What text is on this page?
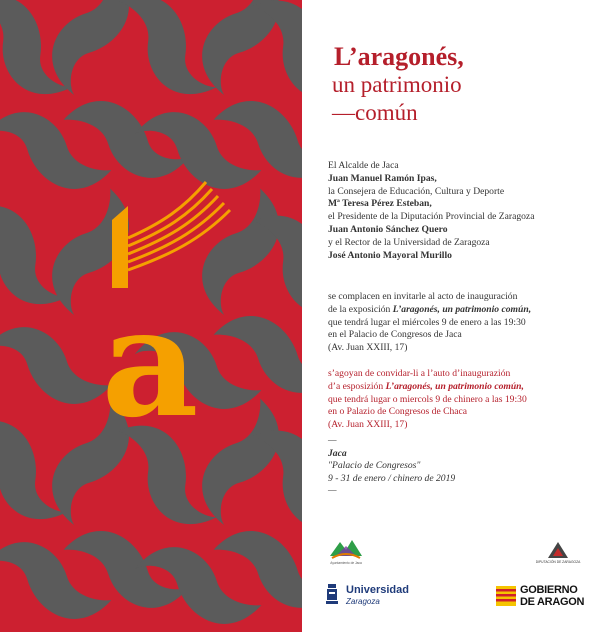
a
L’aragonés,
un patrimonio
—común
El Alcalde de Jaca
Juan Manuel Ramón Ipas,
la Consejera de Educación, Cultura y Deporte
Mª Teresa Pérez Esteban,
el Presidente de la Diputación Provincial de Zaragoza
Juan Antonio Sánchez Quero
y el Rector de la Universidad de Zaragoza
José Antonio Mayoral Murillo
se complacen en invitarle al acto de inauguración
de la exposición L’aragonés, un patrimonio común,
que tendrá lugar el miércoles 9 de enero a las 19:30
en el Palacio de Congresos de Jaca
(Av. Juan XXIII, 17)
s’agoyan de convidar-li a l’auto d’inaugurazión
d’a esposizión L’aragonés, un patrimonio común,
que tendrá lugar o miercols 9 de chinero a las 19:30
en o Palazio de Congresos de Chaca
(Av. Juan XXIII, 17)
—
Jaca
"Palacio de Congresos"
9 - 31 de enero / chinero de 2019
—
Ayuntamiento de Jaca	DIPUTACIÓN DE ZARAGOZA
Universidad
Zaragoza
GOBIERNO
DE ARAGON
